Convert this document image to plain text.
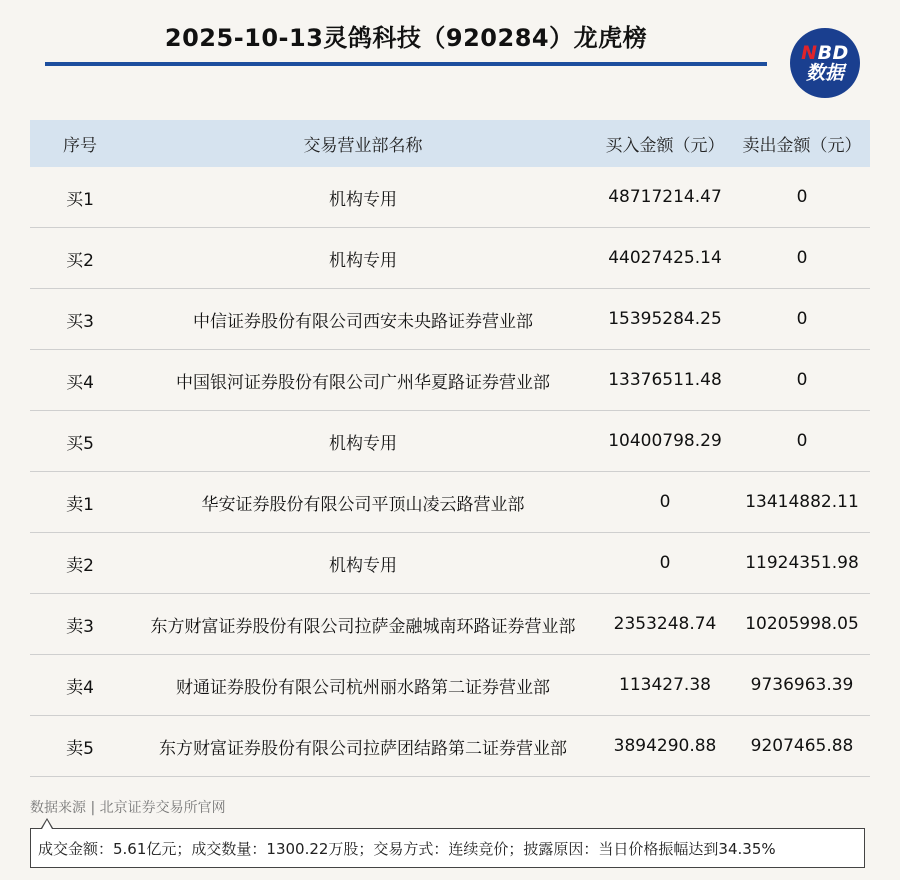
2025-10-13灵鸽科技（920284）龙虎榜
NBD
数据
序号	交易营业部名称	买入金额（元）	卖出金额（元）
买1	机构专用	48717214.47	0
买2	机构专用	44027425.14	0
买3	中信证券股份有限公司西安未央路证券营业部	15395284.25	0
买4	中国银河证券股份有限公司广州华夏路证券营业部	13376511.48	0
买5	机构专用	10400798.29	0
卖1	华安证券股份有限公司平顶山凌云路营业部	0	13414882.11
卖2	机构专用	0	11924351.98
卖3	东方财富证券股份有限公司拉萨金融城南环路证券营业部	2353248.74	10205998.05
卖4	财通证券股份有限公司杭州丽水路第二证券营业部	113427.38	9736963.39
卖5	东方财富证券股份有限公司拉萨团结路第二证券营业部	3894290.88	9207465.88
数据来源 | 北京证券交易所官网
成交金额：5.61亿元；成交数量：1300.22万股；交易方式：连续竞价；披露原因：当日价格振幅达到34.35%
